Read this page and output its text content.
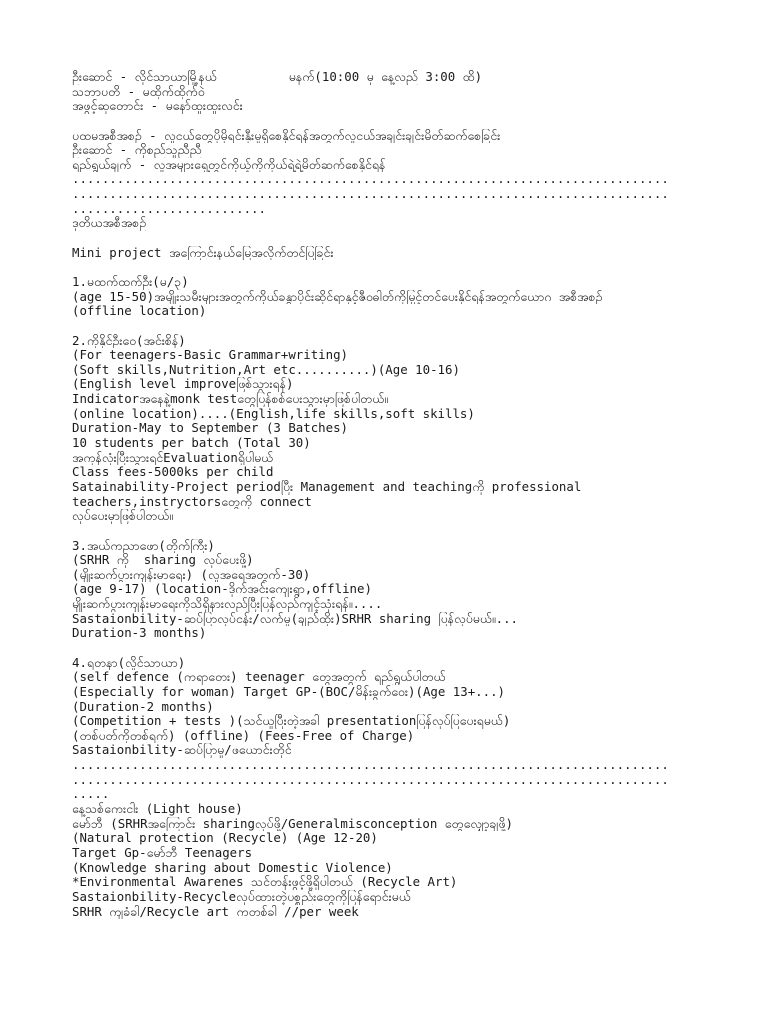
ဦးဆောင် - လိုင်သာယာမြို့နယ်	မနက်(10:00 မှ နေ့လည် 3:00 ထိ)
သဘာပတိ - မထိုက်ထိုက်ဝဲ
အဖွင့်ဆုတောင်း - မနော်ထူးထူးလင်း
ပထမအစီအစဉ် - လူငယ်တွေပိုမိုရင်းနှီးမှုရှိစေနိုင်ရန်အတွက်လူငယ်အချင်းချင်းမိတ်ဆက်စေခြင်း
ဦးဆောင် - ကိုစည်သူညီညီ
ရည်ရွယ်ချက် - လူအများရှေ့တွင်ကိုယ့်ကိုကိုယ်ရဲ့ရဲ့မိတ်ဆက်စေနိုင်ရန်
................................................................................
................................................................................
..........................
ဒုတိယအစီအစဉ်
Mini project အကြောင်းနယ်မြေအလိုက်တင်ပြခြင်း
1.မထက်ထက်ဦး(မ/၃)
(age 15-50)အမျိုးသမီးများအတွက်ကိုယ်ခန္ဓာပိုင်းဆိုင်ရာနှင့်ဇီဝဓါတ်ကိုမြှင့်တင်ပေးနိုင်ရန်အတွက်ယောဂ အစီအစဉ်
(offline location)
2.ကိုနိုင်ဦးဝေ(အင်းစိန်)
(For teenagers-Basic Grammar+writing)
(Soft skills,Nutrition,Art etc..........)(Age 10-16)
(English level improveဖြစ်သွားရန်)
Indicatorအနေနဲ့monk testတွေပြန်စစ်ပေးသွားမှာဖြစ်ပါတယ်။
(online location)....(English,life skills,soft skills)
Duration-May to September (3 Batches)
10 students per batch (Total 30)
အကုန်လုံးပြီးသွားရင်Evaluationရှိပါမယ်
Class fees-5000ks per child
Satainability-Project periodပြီး Management and teachingကို professional
teachers,instryctorsတွေကို connect
လုပ်ပေးမှာဖြစ်ပါတယ်။
3.အယ်ကညာဖော(တိုက်ကြီး)
(SRHR ကို  sharing လုပ်ပေးဖို့)
(မျိုးဆက်ပွားကျန်းမာရေး) (လူအရေအတွက်-30)
(age 9-17) (location-ဒိုက်အင်းကျေးရွာ,offline)
မျိုးဆက်ပွားကျန်းမာရေးကိုသိရှိနားလည်ပြီးပြန်လည်ကျင့်သုံးရန်။....
Sastaionbility-ဆပ်ပြာလုပ်ငန်း/လက်မှု(ချည်ထိုး)SRHR sharing ပြန်လုပ်မယ်။...
Duration-3 months)
4.ရတနာ(လှိုင်သာယာ)
(self defence (ကရာတေး) teenager တွေအတွက် ရည်ရွယ်ပါတယ်
(Especially for woman) Target GP-(BOC/မိန်းခွက်ဝေး)(Age 13+...)
(Duration-2 months)
(Competition + tests )(သင်ယူပြီးတဲ့အခါ presentationပြန်လုပ်ပြပေးရမယ်)
(တစ်ပတ်ကိုတစ်ရက်) (offline) (Fees-Free of Charge)
Sastaionbility-ဆပ်ပြာမှု/ဖယောင်းတိုင်
................................................................................
................................................................................
.....
နေ့သစ်ကေးငါး (Light house)
မော်ဘီ (SRHRအကြောင်း sharingလုပ်ဖို့/Generalmisconception တွေလျှော့ချဖို့)
(Natural protection (Recycle) (Age 12-20)
Target Gp-မော်ဘီ Teenagers
(Knowledge sharing about Domestic Violence)
*Environmental Awarenes သင်တန်းဖွင့်ဖို့ရှိပါတယ် (Recycle Art)
Sastaionbility-Recycleလုပ်ထားတဲ့ပစ္စည်းတွေကိုပြန်ရောင်းမယ်
SRHR ကျခံခါ/Recycle art ကတစ်ခါ //per week
